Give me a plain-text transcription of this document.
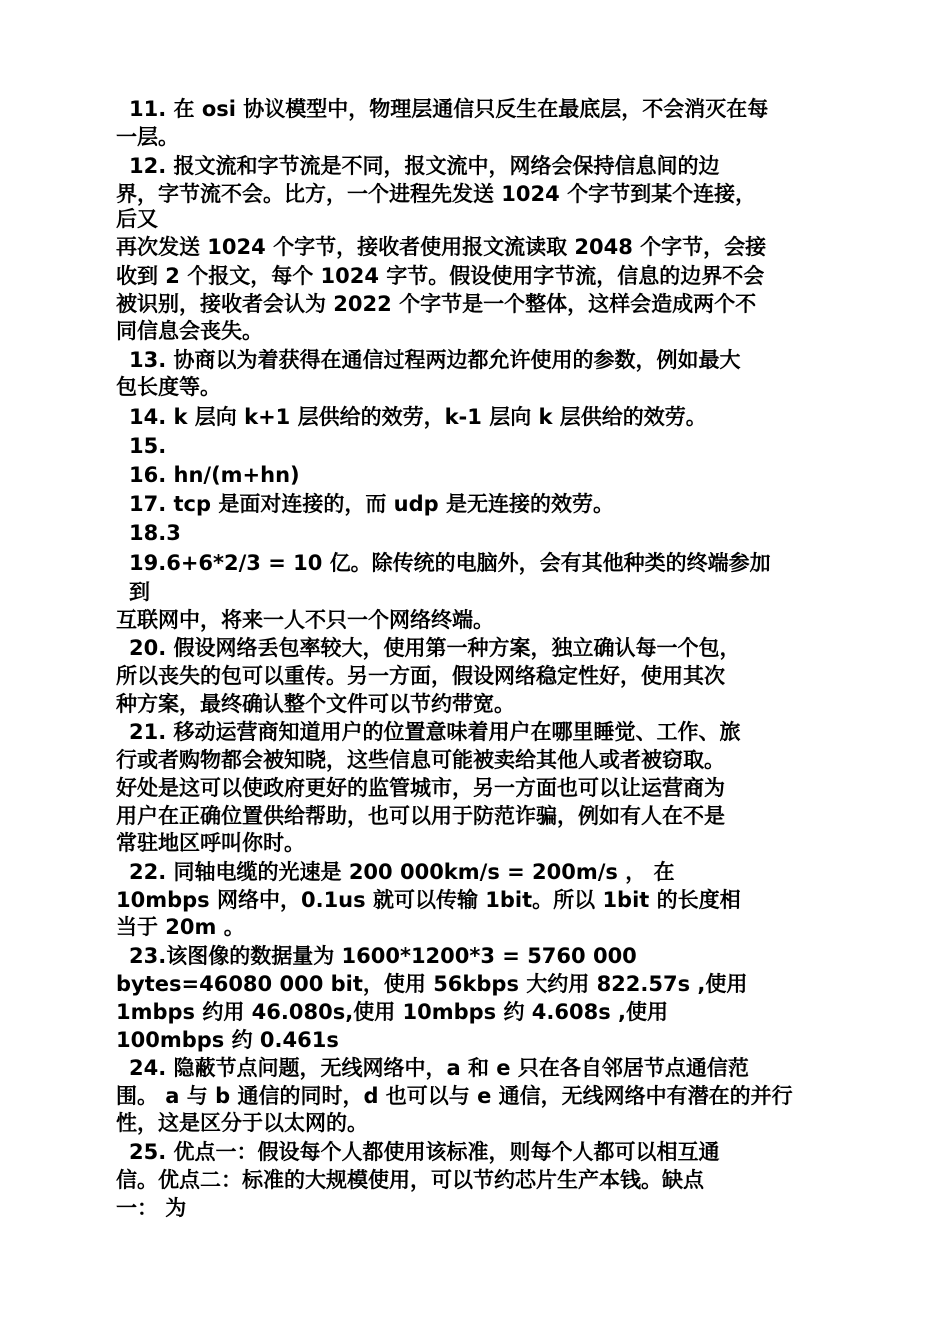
11. 在 osi 协议模型中，物理层通信只反生在最底层，不会消灭在每
一层。
12. 报文流和字节流是不同，报文流中，网络会保持信息间的边
界，字节流不会。比方，一个进程先发送 1024 个字节到某个连接，
后又
再次发送 1024 个字节，接收者使用报文流读取 2048 个字节，会接
收到 2 个报文，每个 1024 字节。假设使用字节流，信息的边界不会
被识别，接收者会认为 2022 个字节是一个整体，这样会造成两个不
同信息会丧失。
13. 协商以为着获得在通信过程两边都允许使用的参数，例如最大
包长度等。
14. k 层向 k+1 层供给的效劳，k-1 层向 k 层供给的效劳。
15.
16. hn/(m+hn)
17. tcp 是面对连接的，而 udp 是无连接的效劳。
18.3
19.6+6*2/3 = 10 亿。除传统的电脑外，会有其他种类的终端参加
到
互联网中，将来一人不只一个网络终端。
20. 假设网络丢包率较大，使用第一种方案，独立确认每一个包，
所以丧失的包可以重传。另一方面，假设网络稳定性好，使用其次
种方案，最终确认整个文件可以节约带宽。
21. 移动运营商知道用户的位置意味着用户在哪里睡觉、工作、旅
行或者购物都会被知晓，这些信息可能被卖给其他人或者被窃取。
好处是这可以使政府更好的监管城市，另一方面也可以让运营商为
用户在正确位置供给帮助，也可以用于防范诈骗，例如有人在不是
常驻地区呼叫你时。
22. 同轴电缆的光速是 200 000km/s = 200m/s ， 在
10mbps 网络中，0.1us 就可以传输 1bit。所以 1bit 的长度相
当于 20m 。
23.该图像的数据量为 1600*1200*3 = 5760 000
bytes=46080 000 bit，使用 56kbps 大约用 822.57s ,使用
1mbps 约用 46.080s,使用 10mbps 约 4.608s ,使用
100mbps 约 0.461s
24. 隐蔽节点问题，无线网络中，a 和 e 只在各自邻居节点通信范
围。 a 与 b 通信的同时，d 也可以与 e 通信，无线网络中有潜在的并行
性，这是区分于以太网的。
25. 优点一：假设每个人都使用该标准，则每个人都可以相互通
信。优点二：标准的大规模使用，可以节约芯片生产本钱。缺点
一： 为
